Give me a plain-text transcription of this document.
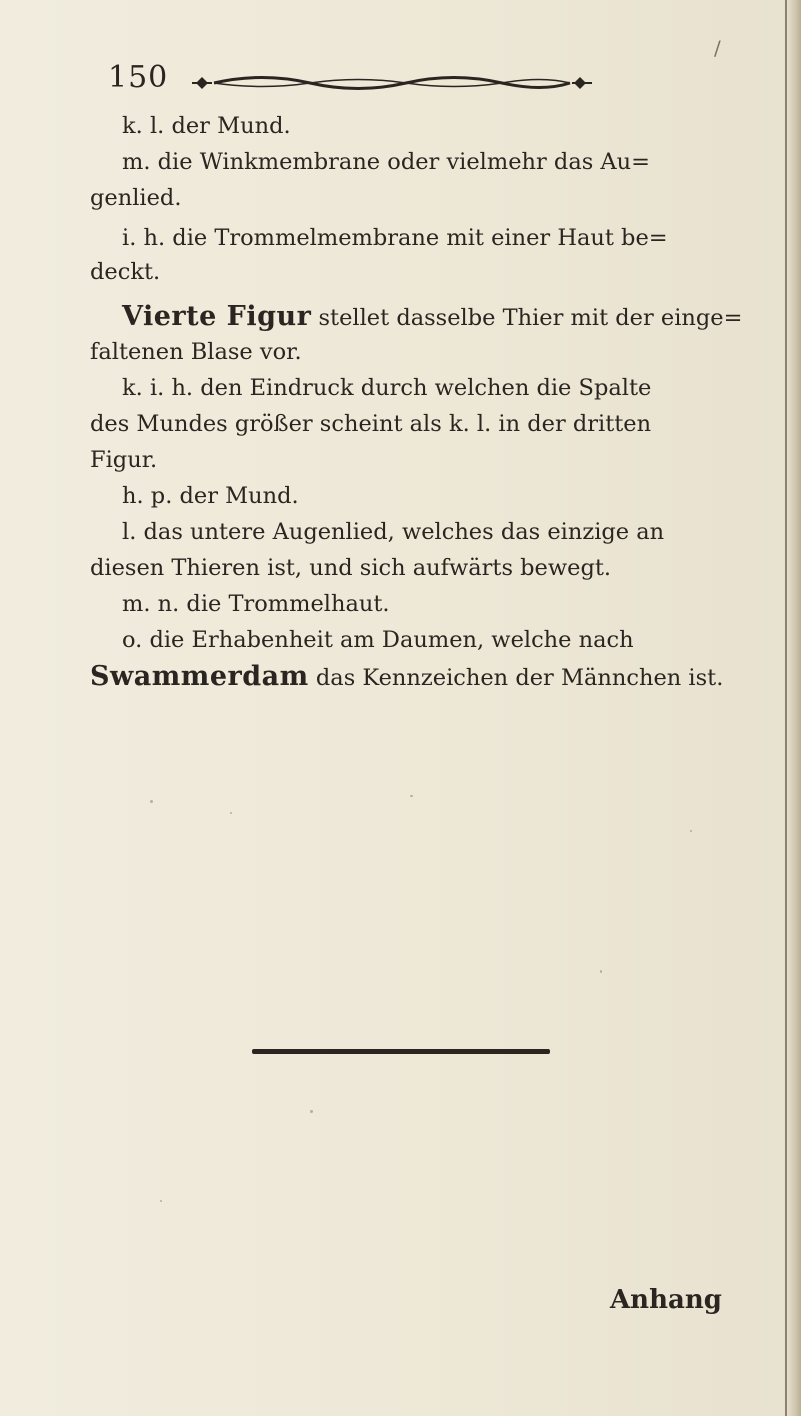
150
/
k. l. der Mund.
m. die Winkmembrane oder vielmehr das Au=
genlied.
i. h. die Trommelmembrane mit einer Haut be=
deckt.
Vierte Figur stellet dasselbe Thier mit der einge=
faltenen Blase vor.
k. i. h. den Eindruck durch welchen die Spalte
des Mundes größer scheint als k. l. in der dritten
Figur.
h. p. der Mund.
l. das untere Augenlied, welches das einzige an
diesen Thieren ist, und sich aufwärts bewegt.
m. n. die Trommelhaut.
o. die Erhabenheit am Daumen, welche nach
Swammerdam das Kennzeichen der Männchen ist.
Anhang
